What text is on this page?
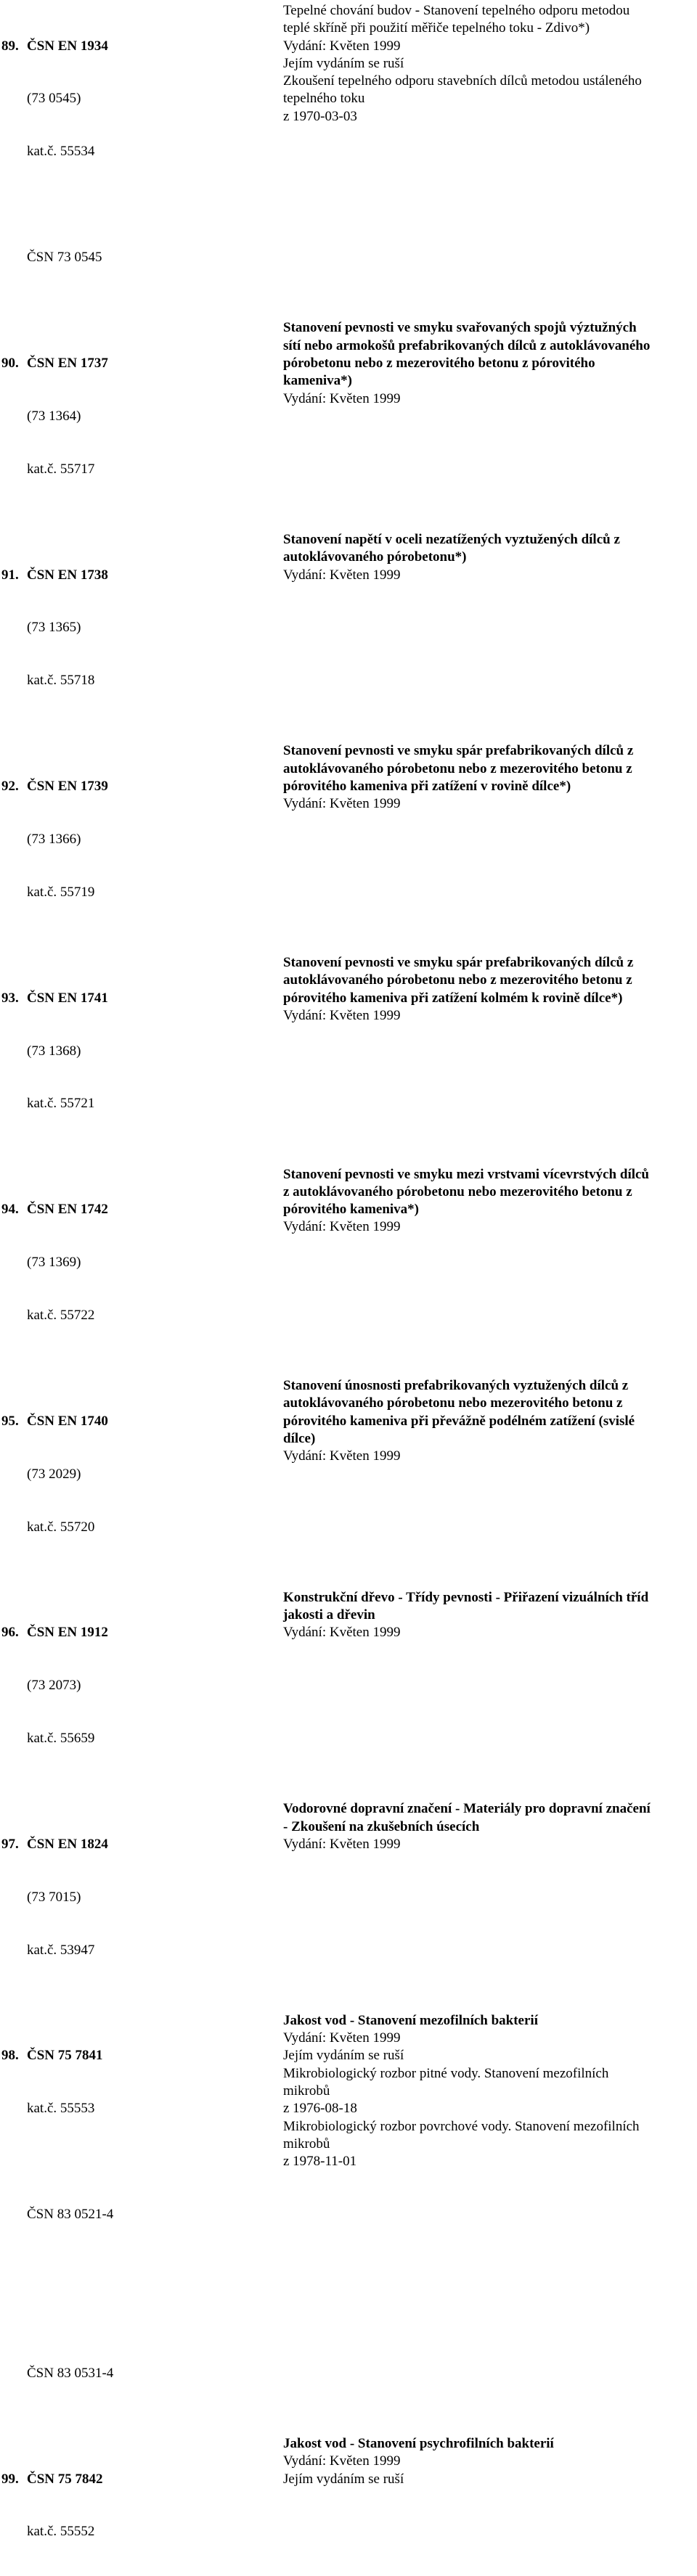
89. ČSN EN 1934

(73 0545)

kat.č. 55534

ČSN 73 0545

Tepelné chování budov - Stanovení tepelného odporu metodou
teplé skříně při použití měřiče tepelného toku - Zdivo*)
Vydání: Květen 1999
Jejím vydáním se ruší
Zkoušení tepelného odporu stavebních dílců metodou ustáleného
tepelného toku
z 1970-03-03

90. ČSN EN 1737

(73 1364)

kat.č. 55717

Stanovení pevnosti ve smyku svařovaných spojů výztužných
sítí nebo armokošů prefabrikovaných dílců z autoklávovaného
pórobetonu nebo z mezerovitého betonu z pórovitého
kameniva*)
Vydání: Květen 1999

91. ČSN EN 1738

(73 1365)

kat.č. 55718

Stanovení napětí v oceli nezatížených vyztužených dílců z
autoklávovaného pórobetonu*)
Vydání: Květen 1999

92. ČSN EN 1739

(73 1366)

kat.č. 55719

Stanovení pevnosti ve smyku spár prefabrikovaných dílců z
autoklávovaného pórobetonu nebo z mezerovitého betonu z
pórovitého kameniva při zatížení v rovině dílce*)
Vydání: Květen 1999

93. ČSN EN 1741

(73 1368)

kat.č. 55721

Stanovení pevnosti ve smyku spár prefabrikovaných dílců z
autoklávovaného pórobetonu nebo z mezerovitého betonu z
pórovitého kameniva při zatížení kolmém k rovině dílce*)
Vydání: Květen 1999

94. ČSN EN 1742

(73 1369)

kat.č. 55722

Stanovení pevnosti ve smyku mezi vrstvami vícevrstvých dílců
z autoklávovaného pórobetonu nebo mezerovitého betonu z
pórovitého kameniva*)
Vydání: Květen 1999

95. ČSN EN 1740

(73 2029)

kat.č. 55720

Stanovení únosnosti prefabrikovaných vyztužených dílců z
autoklávovaného pórobetonu nebo mezerovitého betonu z
pórovitého kameniva při převážně podélném zatížení (svislé
dílce)
Vydání: Květen 1999

96. ČSN EN 1912

(73 2073)

kat.č. 55659

Konstrukční dřevo - Třídy pevnosti - Přiřazení vizuálních tříd
jakosti a dřevin
Vydání: Květen 1999

97. ČSN EN 1824

(73 7015)

kat.č. 53947

Vodorovné dopravní značení - Materiály pro dopravní značení
- Zkoušení na zkušebních úsecích
Vydání: Květen 1999

98. ČSN 75 7841

kat.č. 55553

ČSN 83 0521-4

ČSN 83 0531-4

Jakost vod - Stanovení mezofilních bakterií
Vydání: Květen 1999
Jejím vydáním se ruší
Mikrobiologický rozbor pitné vody. Stanovení mezofilních
mikrobů
z 1976-08-18
Mikrobiologický rozbor povrchové vody. Stanovení mezofilních
mikrobů
z 1978-11-01

99. ČSN 75 7842

kat.č. 55552

Jakost vod - Stanovení psychrofilních bakterií
Vydání: Květen 1999
Jejím vydáním se ruší
